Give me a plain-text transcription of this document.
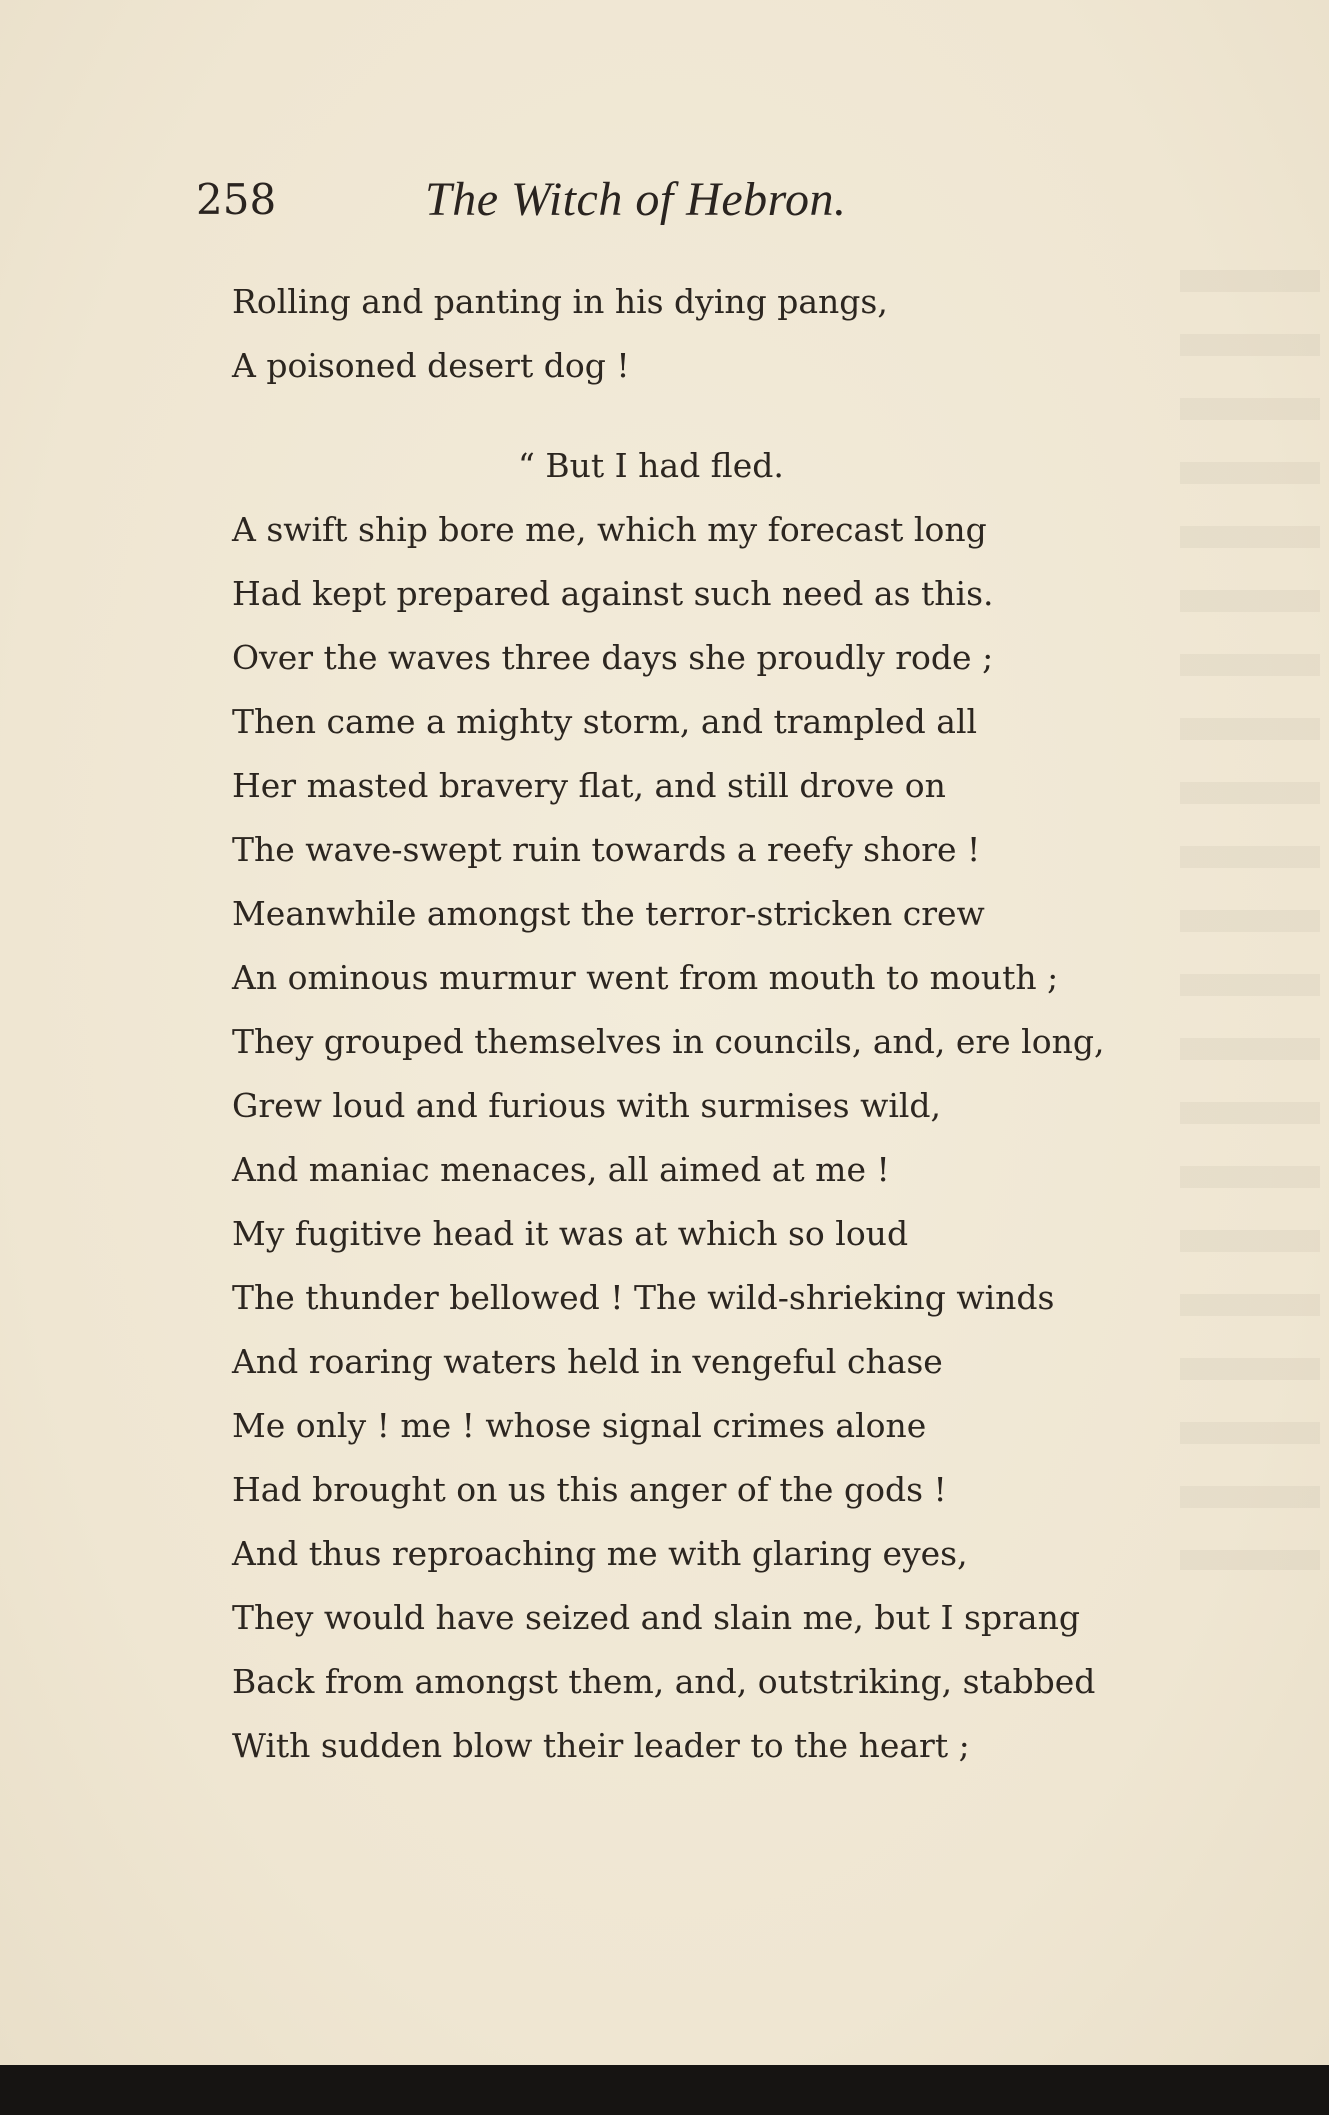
258	The Witch of Hebron.
Rolling and panting in his dying pangs,
A poisoned desert dog !
“ But I had fled.
A swift ship bore me, which my forecast long
Had kept prepared against such need as this.
Over the waves three days she proudly rode ;
Then came a mighty storm, and trampled all
Her masted bravery flat, and still drove on
The wave-swept ruin towards a reefy shore !
Meanwhile amongst the terror-stricken crew
An ominous murmur went from mouth to mouth ;
They grouped themselves in councils, and, ere long,
Grew loud and furious with surmises wild,
And maniac menaces, all aimed at me !
My fugitive head it was at which so loud
The thunder bellowed ! The wild-shrieking winds
And roaring waters held in vengeful chase
Me only ! me ! whose signal crimes alone
Had brought on us this anger of the gods !
And thus reproaching me with glaring eyes,
They would have seized and slain me, but I sprang
Back from amongst them, and, outstriking, stabbed
With sudden blow their leader to the heart ;
